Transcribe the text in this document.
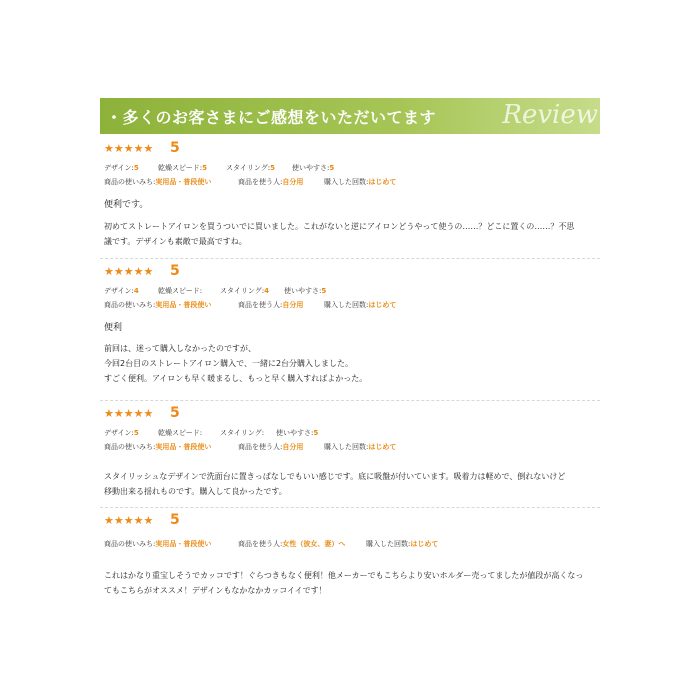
・多くのお客さまにご感想をいただいてます	Review
★★★★★ 5
デザイン:5	乾燥スピード:5	スタイリング:5 使いやすさ:5
商品の使いみち:実用品・普段使い	商品を使う人:自分用	購入した回数:はじめて
便利です。
初めてストレートアイロンを買うついでに買いました。これがないと逆にアイロンどうやって使うの……？どこに置くの……？不思
議です。デザインも素敵で最高ですね。
★★★★★ 5
デザイン:4	乾燥スピード:	スタイリング:4 使いやすさ:5
商品の使いみち:実用品・普段使い	商品を使う人:自分用	購入した回数:はじめて
便利
前回は、迷って購入しなかったのですが、
今回2台目のストレートアイロン購入で、一緒に2台分購入しました。
すごく便利。アイロンも早く暖まるし、もっと早く購入すればよかった。
★★★★★ 5
デザイン:5	乾燥スピード:	スタイリング: 使いやすさ:5
商品の使いみち:実用品・普段使い	商品を使う人:自分用	購入した回数:はじめて
スタイリッシュなデザインで洗面台に置きっぱなしでもいい感じです。底に吸盤が付いています。吸着力は軽めで、倒れないけど
移動出来る揺れものです。購入して良かったです。
★★★★★ 5
商品の使いみち:実用品・普段使い	商品を使う人:女性（彼女、妻）へ	購入した回数:はじめて
これはかなり重宝しそうでカッコです！ぐらつきもなく便利！他メーカーでもこちらより安いホルダー売ってましたが値段が高くなっ
てもこちらがオススメ！デザインもなかなかカッコイイです！
